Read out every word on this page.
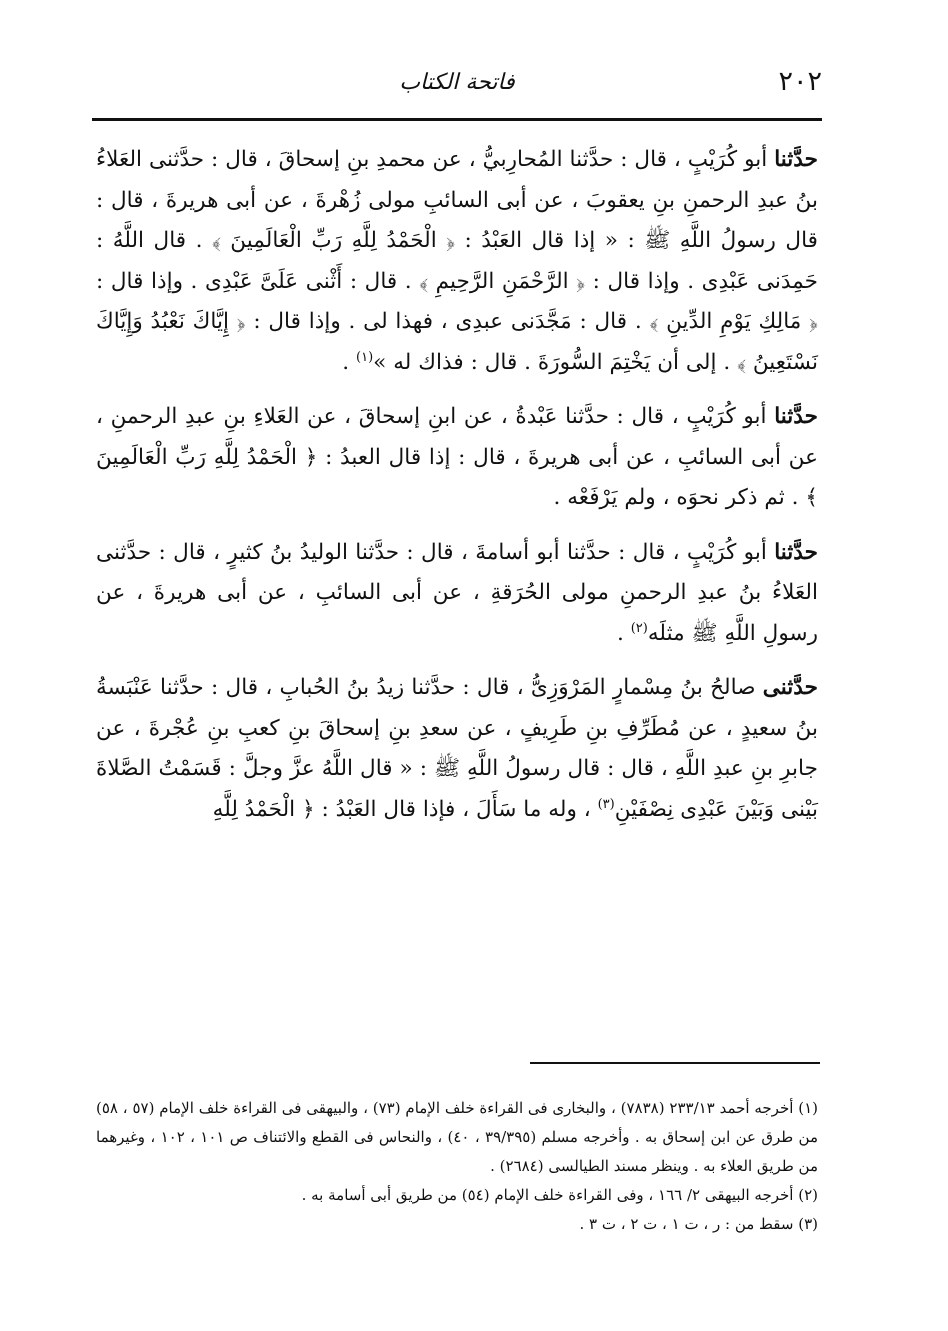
٢٠٢
فاتحة الكتاب

حدَّثنا أبو كُرَيْبٍ ، قال : حدَّثنا المُحارِبيُّ ، عن محمدِ بنِ إسحاقَ ، قال : حدَّثنى العَلاءُ بنُ عبدِ الرحمنِ بنِ يعقوبَ ، عن أبى السائبِ مولى زُهْرةَ ، عن أبى هريرةَ ، قال : قال رسولُ اللَّهِ ﷺ : « إذا قال العَبْدُ : ﴿ الْحَمْدُ لِلَّهِ رَبِّ الْعَالَمِينَ ﴾ . قال اللَّهُ : حَمِدَنى عَبْدِى . وإذا قال : ﴿ الرَّحْمَنِ الرَّحِيمِ ﴾ . قال : أَثْنى عَلَىَّ عَبْدِى . وإذا قال : ﴿ مَالِكِ يَوْمِ الدِّينِ ﴾ . قال : مَجَّدَنى عبدِى ، فهذا لى . وإذا قال : ﴿ إِيَّاكَ نَعْبُدُ وَإِيَّاكَ نَسْتَعِينُ ﴾ . إلى أن يَخْتِمَ السُّورَةَ . قال : فذاك له »$^{(١)}$ .

حدَّثنا أبو كُرَيْبٍ ، قال : حدَّثنا عَبْدةُ ، عن ابنِ إسحاقَ ، عن العَلاءِ بنِ عبدِ الرحمنِ ، عن أبى السائبِ ، عن أبى هريرةَ ، قال : إذا قال العبدُ : ﴿ الْحَمْدُ لِلَّهِ رَبِّ الْعَالَمِينَ ﴾ . ثم ذكر نحوَه ، ولم يَرْفَعْه .

حدَّثنا أبو كُرَيْبٍ ، قال : حدَّثنا أبو أسامةَ ، قال : حدَّثنا الوليدُ بنُ كثيرٍ ، قال : حدَّثنى العَلاءُ بنُ عبدِ الرحمنِ مولى الحُرَقةِ ، عن أبى السائبِ ، عن أبى هريرةَ ، عن رسولِ اللَّهِ ﷺ مثلَه$^{(٢)}$ .

حدَّثنى صالحُ بنُ مِسْمارٍ المَرْوَزِىُّ ، قال : حدَّثنا زيدُ بنُ الحُبابِ ، قال : حدَّثنا عَنْبَسةُ بنُ سعيدٍ ، عن مُطَرِّفِ بنِ طَرِيفٍ ، عن سعدِ بنِ إسحاقَ بنِ كعبِ بنِ عُجْرةَ ، عن جابرِ بنِ عبدِ اللَّهِ ، قال : قال رسولُ اللَّهِ ﷺ : « قال اللَّهُ عزَّ وجلَّ : قَسَمْتُ الصَّلاةَ بَيْنى وَبَيْنَ عَبْدِى نِصْفَيْنِ$^{(٣)}$ ، وله ما سَأَلَ ، فإذا قال العَبْدُ : ﴿ الْحَمْدُ لِلَّهِ

(١) أخرجه أحمد ٢٣٣/١٣ (٧٨٣٨) ، والبخارى فى القراءة خلف الإمام (٧٣) ، والبيهقى فى القراءة خلف الإمام (٥٧ ، ٥٨) من طرق عن ابن إسحاق به . وأخرجه مسلم (٣٩/٣٩٥ ، ٤٠) ، والنحاس فى القطع والائتناف ص ١٠١ ، ١٠٢ ، وغيرهما من طريق العلاء به . وينظر مسند الطيالسى (٢٦٨٤) .

(٢) أخرجه البيهقى ٢/ ١٦٦ ، وفى القراءة خلف الإمام (٥٤) من طريق أبى أسامة به .

(٣) سقط من : ر ، ت ١ ، ت ٢ ، ت ٣ .
